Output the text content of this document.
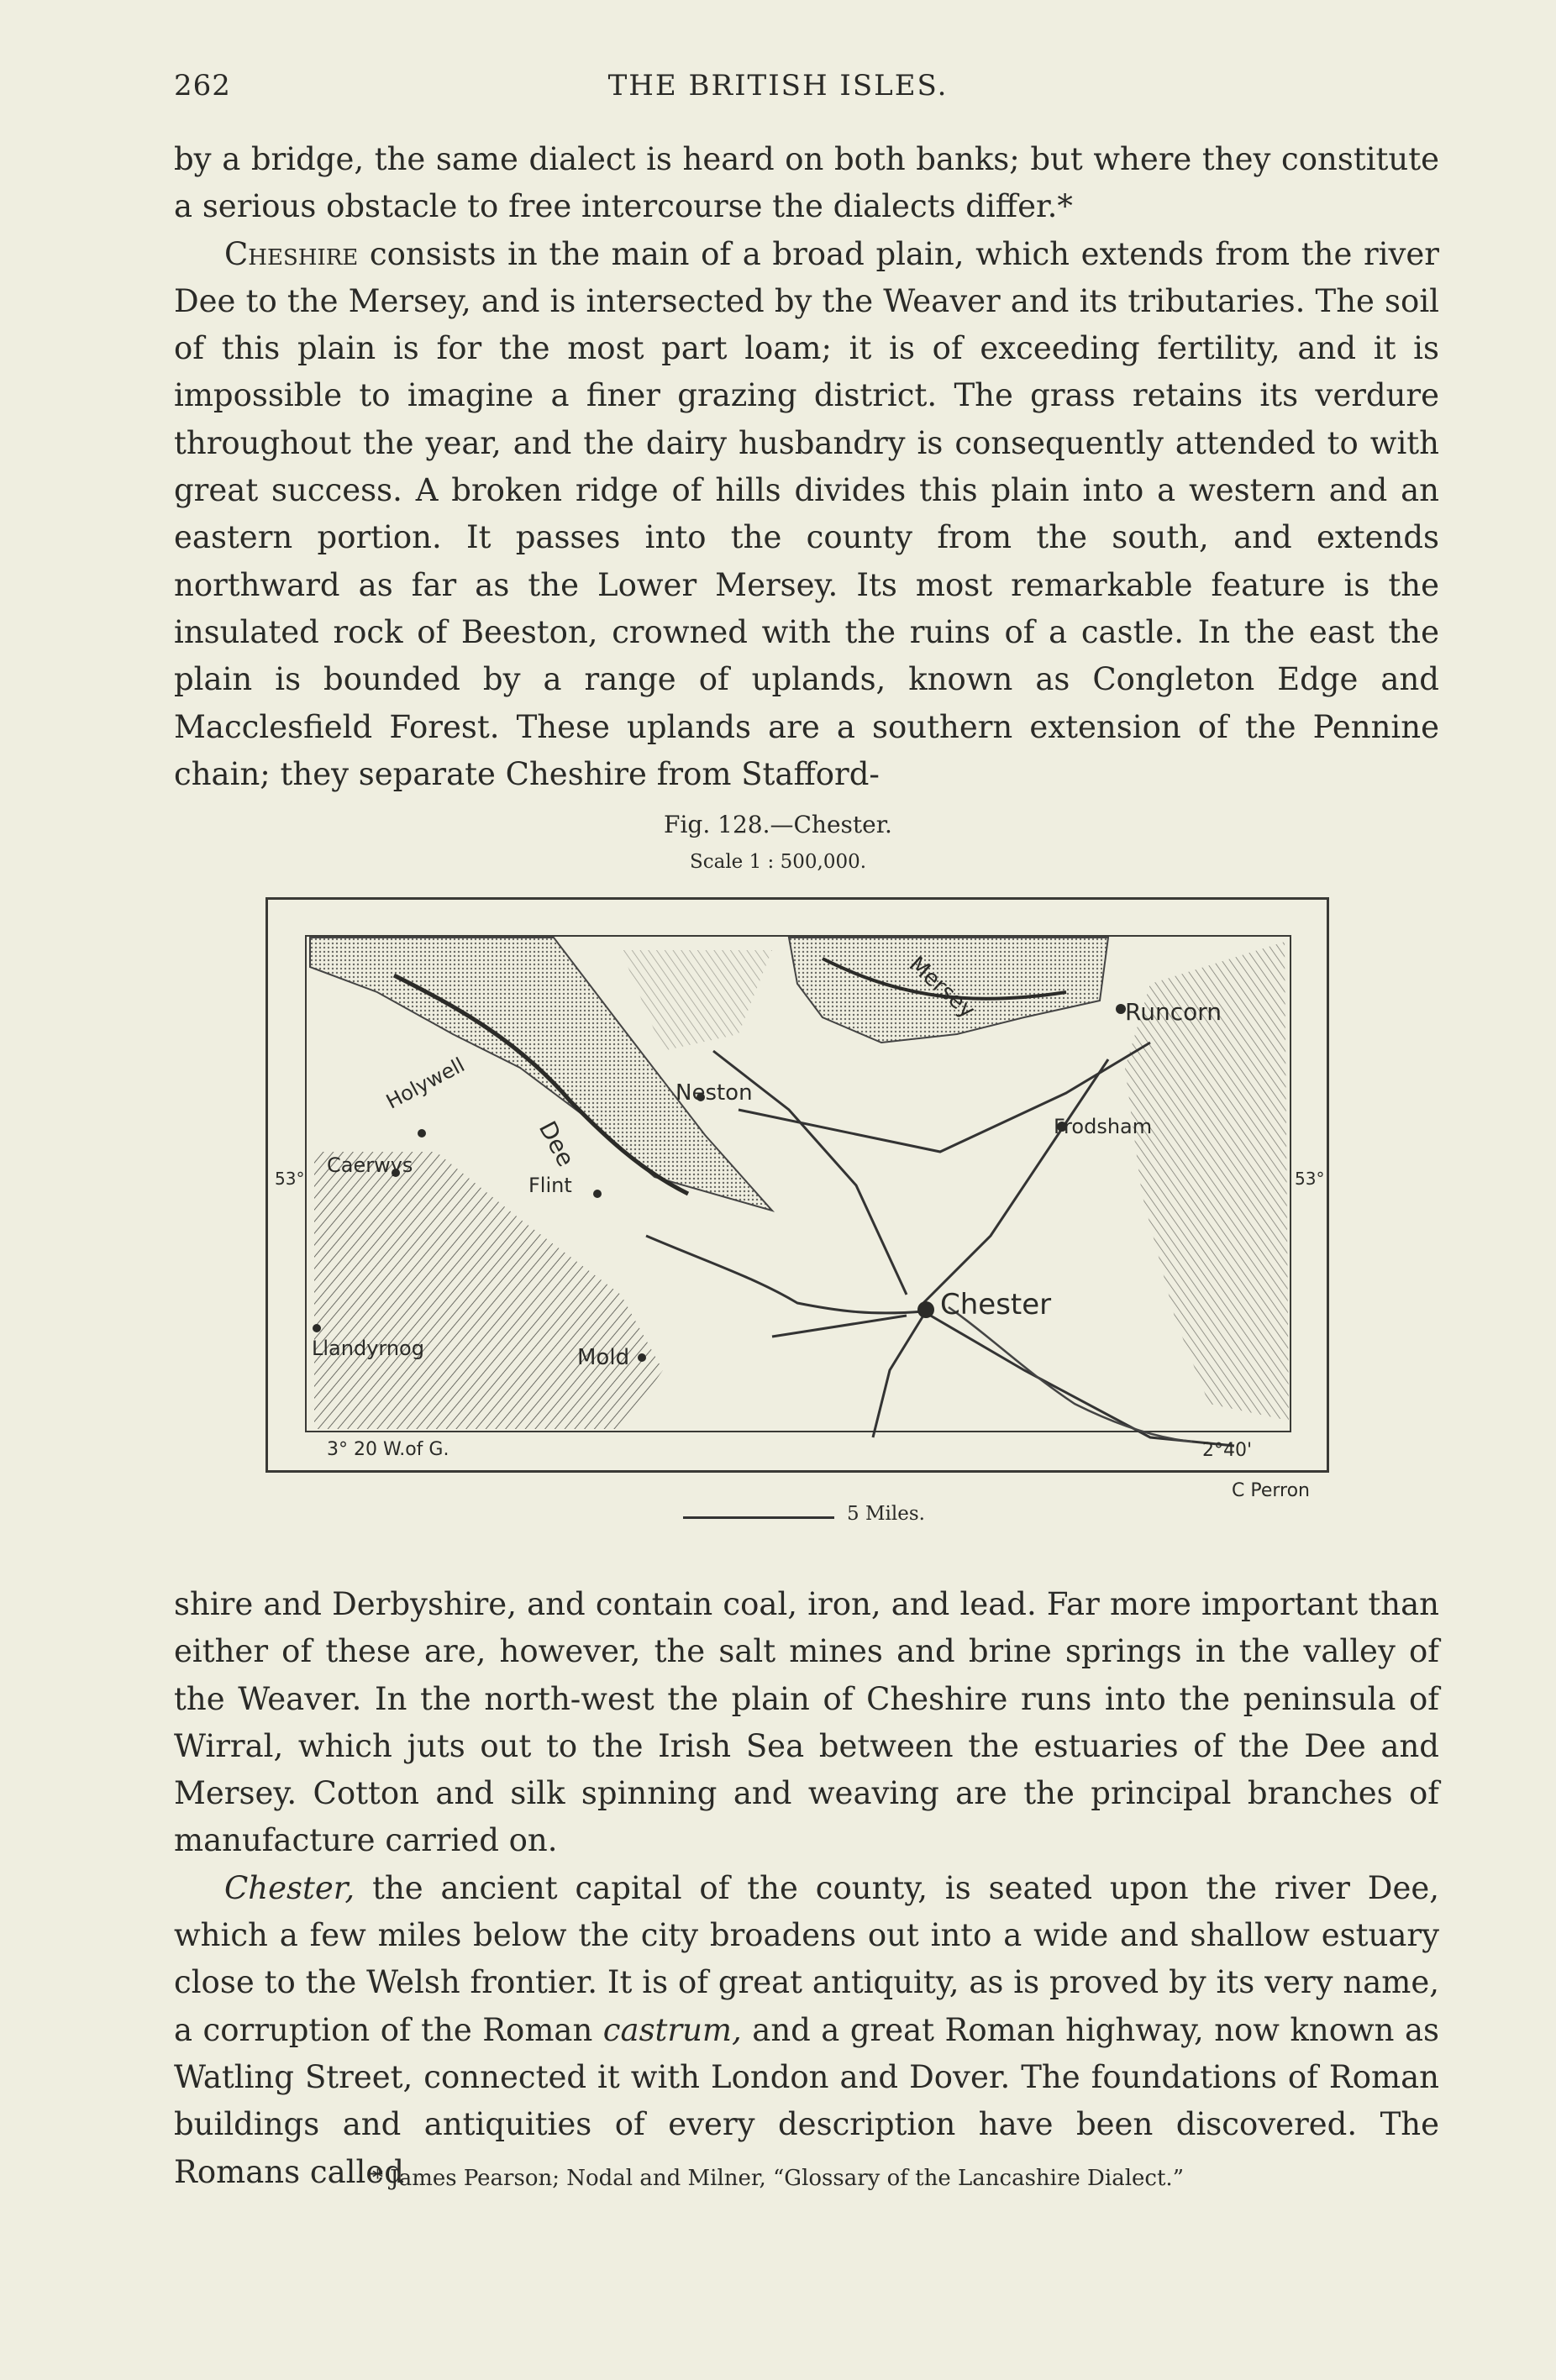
262	THE BRITISH ISLES.

by a bridge, the same dialect is heard on both banks; but where they constitute a serious obstacle to free intercourse the dialects differ.*

Cheshire consists in the main of a broad plain, which extends from the river Dee to the Mersey, and is intersected by the Weaver and its tributaries. The soil of this plain is for the most part loam; it is of exceeding fertility, and it is impossible to imagine a finer grazing district. The grass retains its verdure throughout the year, and the dairy husbandry is consequently attended to with great success. A broken ridge of hills divides this plain into a western and an eastern portion. It passes into the county from the south, and extends northward as far as the Lower Mersey. Its most remarkable feature is the insulated rock of Beeston, crowned with the ruins of a castle. In the east the plain is bounded by a range of uplands, known as Congleton Edge and Macclesfield Forest. These uplands are a southern extension of the Pennine chain; they separate Cheshire from Stafford-

Fig. 128.—Chester.
Scale 1 : 500,000.
Mersey	Runcorn
Neston
Holywell
Frodsham
Dee
Caerwys
Flint
Chester
Llandyrnog	Mold
53°	53°
3° 20 W.of G.	2°40'
C Perron
5 Miles.

shire and Derbyshire, and contain coal, iron, and lead. Far more important than either of these are, however, the salt mines and brine springs in the valley of the Weaver. In the north-west the plain of Cheshire runs into the peninsula of Wirral, which juts out to the Irish Sea between the estuaries of the Dee and Mersey. Cotton and silk spinning and weaving are the principal branches of manufacture carried on.

Chester, the ancient capital of the county, is seated upon the river Dee, which a few miles below the city broadens out into a wide and shallow estuary close to the Welsh frontier. It is of great antiquity, as is proved by its very name, a corruption of the Roman castrum, and a great Roman highway, now known as Watling Street, connected it with London and Dover. The foundations of Roman buildings and antiquities of every description have been discovered. The Romans called

* James Pearson; Nodal and Milner, “Glossary of the Lancashire Dialect.”
